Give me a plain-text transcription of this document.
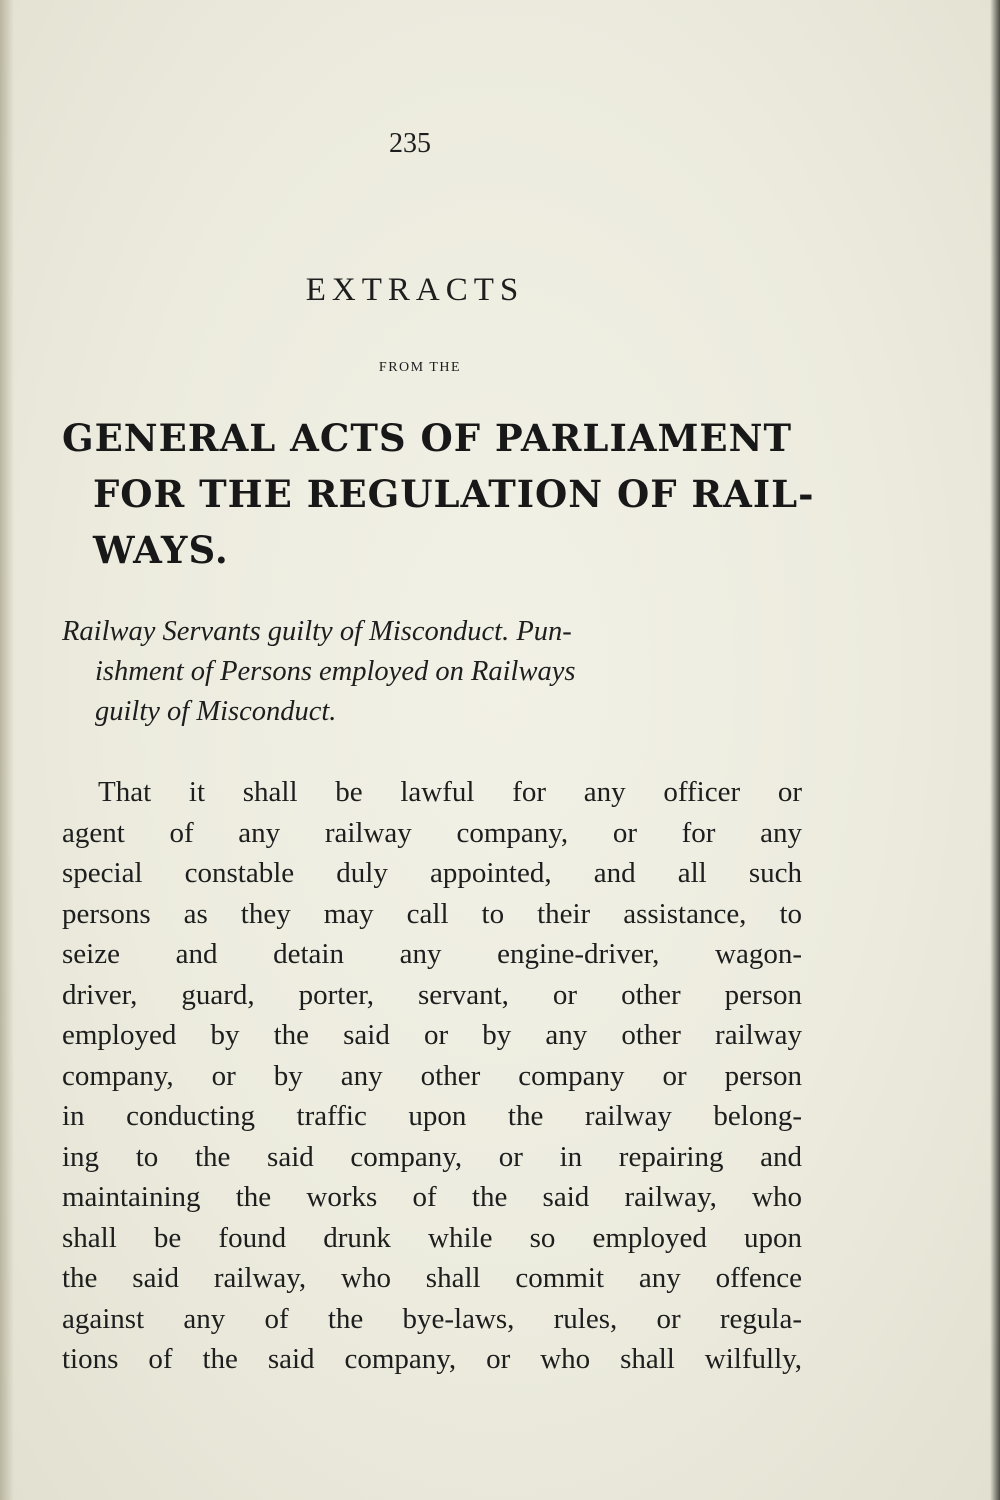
235
EXTRACTS
FROM THE
GENERAL ACTS OF PARLIAMENT
FOR THE REGULATION OF RAIL-
WAYS.
Railway Servants guilty of Misconduct. Pun-
ishment of Persons employed on Railways
guilty of Misconduct.
That it shall be lawful for any officer or
agent of any railway company, or for any
special constable duly appointed, and all such
persons as they may call to their assistance, to
seize and detain any engine-driver, wagon-
driver, guard, porter, servant, or other person
employed by the said or by any other railway
company, or by any other company or person
in conducting traffic upon the railway belong-
ing to the said company, or in repairing and
maintaining the works of the said railway, who
shall be found drunk while so employed upon
the said railway, who shall commit any offence
against any of the bye-laws, rules, or regula-
tions of the said company, or who shall wilfully,
